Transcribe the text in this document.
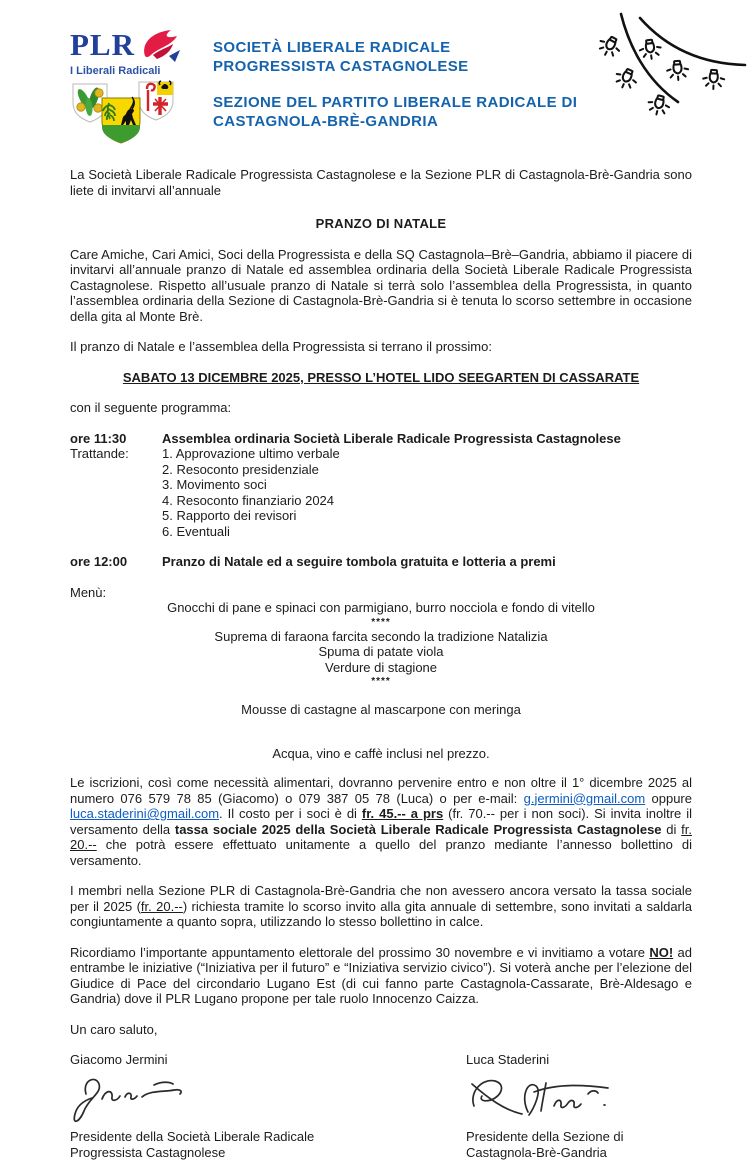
PLR
I Liberali Radicali
SOCIETÀ LIBERALE RADICALE
PROGRESSISTA CASTAGNOLESE
SEZIONE DEL PARTITO LIBERALE RADICALE DI
CASTAGNOLA-BRÈ-GANDRIA

La Società Liberale Radicale Progressista Castagnolese e la Sezione PLR di Castagnola-Brè-Gandria sono liete di invitarvi all’annuale

PRANZO DI NATALE

Care Amiche, Cari Amici, Soci della Progressista e della SQ Castagnola–Brè–Gandria, abbiamo il piacere di invitarvi all’annuale pranzo di Natale ed assemblea ordinaria della Società Liberale Radicale Progressista Castagnolese. Rispetto all’usuale pranzo di Natale si terrà solo l’assemblea della Progressista, in quanto l’assemblea ordinaria della Sezione di Castagnola-Brè-Gandria si è tenuta lo scorso settembre in occasione della gita al Monte Brè.

Il pranzo di Natale e l’assemblea della Progressista si terrano il prossimo:

SABATO 13 DICEMBRE 2025, PRESSO L’HOTEL LIDO SEEGARTEN DI CASSARATE

con il seguente programma:

ore 11:30	Assemblea ordinaria Società Liberale Radicale Progressista Castagnolese
Trattande:	1. Approvazione ultimo verbale
2. Resoconto presidenziale
3. Movimento soci
4. Resoconto finanziario 2024
5. Rapporto dei revisori
6. Eventuali
ore 12:00	Pranzo di Natale ed a seguire tombola gratuita e lotteria a premi

Menù:

Gnocchi di pane e spinaci con parmigiano, burro nocciola e fondo di vitello

****

Suprema di faraona farcita secondo la tradizione Natalizia

Spuma di patate viola

Verdure di stagione

****

Mousse di castagne al mascarpone con meringa

Acqua, vino e caffè inclusi nel prezzo.

Le iscrizioni, così come necessità alimentari, dovranno pervenire entro e non oltre il 1° dicembre 2025 al numero 076 579 78 85 (Giacomo) o 079 387 05 78 (Luca) o per e-mail: g.jermini@gmail.com oppure luca.staderini@gmail.com. Il costo per i soci è di fr. 45.-- a prs (fr. 70.-- per i non soci). Si invita inoltre il versamento della tassa sociale 2025 della Società Liberale Radicale Progressista Castagnolese di fr. 20.-- che potrà essere effettuato unitamente a quello del pranzo mediante l’annesso bollettino di versamento.

I membri nella Sezione PLR di Castagnola-Brè-Gandria che non avessero ancora versato la tassa sociale per il 2025 (fr. 20.--) richiesta tramite lo scorso invito alla gita annuale di settembre, sono invitati a saldarla congiuntamente a quanto sopra, utilizzando lo stesso bollettino in calce.

Ricordiamo l’importante appuntamento elettorale del prossimo 30 novembre e vi invitiamo a votare NO! ad entrambe le iniziative (“Iniziativa per il futuro” e “Iniziativa servizio civico”). Si voterà anche per l’elezione del Giudice di Pace del circondario Lugano Est (di cui fanno parte Castagnola-Cassarate, Brè-Aldesago e Gandria) dove il PLR Lugano propone per tale ruolo Innocenzo Caizza.

Un caro saluto,

Giacomo Jermini
Presidente della Società Liberale Radicale
Progressista Castagnolese
Luca Staderini
Presidente della Sezione di
Castagnola-Brè-Gandria
